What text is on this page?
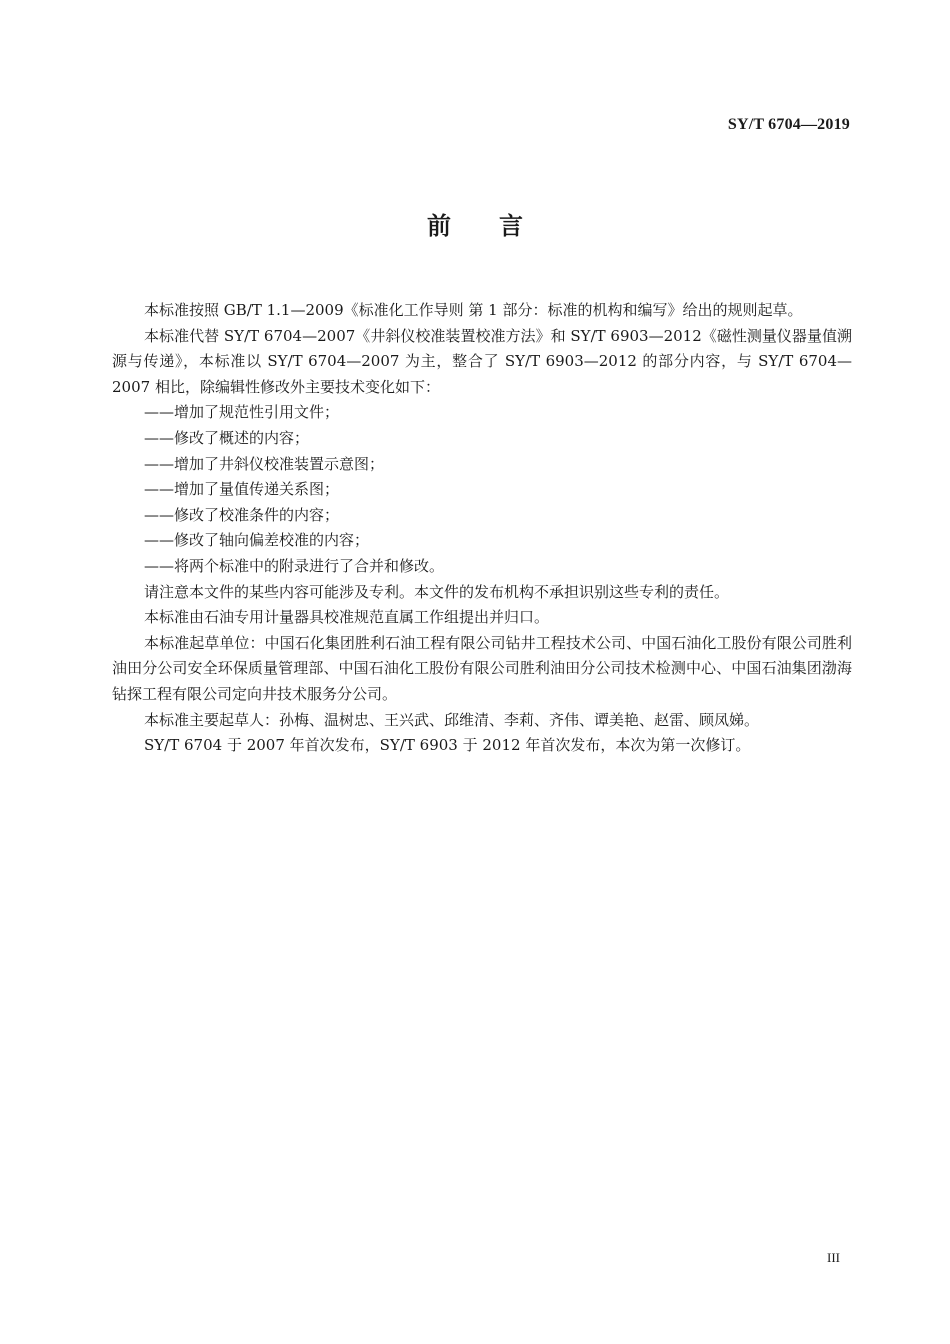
SY/T 6704—2019
前言

本标准按照 GB/T 1.1—2009《标准化工作导则 第 1 部分：标准的机构和编写》给出的规则起草。

本标准代替 SY/T 6704—2007《井斜仪校准装置校准方法》和 SY/T 6903—2012《磁性测量仪器量值溯源与传递》，本标准以 SY/T 6704—2007 为主，整合了 SY/T 6903—2012 的部分内容，与 SY/T 6704—2007 相比，除编辑性修改外主要技术变化如下：

——增加了规范性引用文件；

——修改了概述的内容；

——增加了井斜仪校准装置示意图；

——增加了量值传递关系图；

——修改了校准条件的内容；

——修改了轴向偏差校准的内容；

——将两个标准中的附录进行了合并和修改。

请注意本文件的某些内容可能涉及专利。本文件的发布机构不承担识别这些专利的责任。

本标准由石油专用计量器具校准规范直属工作组提出并归口。

本标准起草单位：中国石化集团胜利石油工程有限公司钻井工程技术公司、中国石油化工股份有限公司胜利油田分公司安全环保质量管理部、中国石油化工股份有限公司胜利油田分公司技术检测中心、中国石油集团渤海钻探工程有限公司定向井技术服务分公司。

本标准主要起草人：孙梅、温树忠、王兴武、邱维清、李莉、齐伟、谭美艳、赵雷、顾凤娣。

SY/T 6704 于 2007 年首次发布，SY/T 6903 于 2012 年首次发布，本次为第一次修订。

III
